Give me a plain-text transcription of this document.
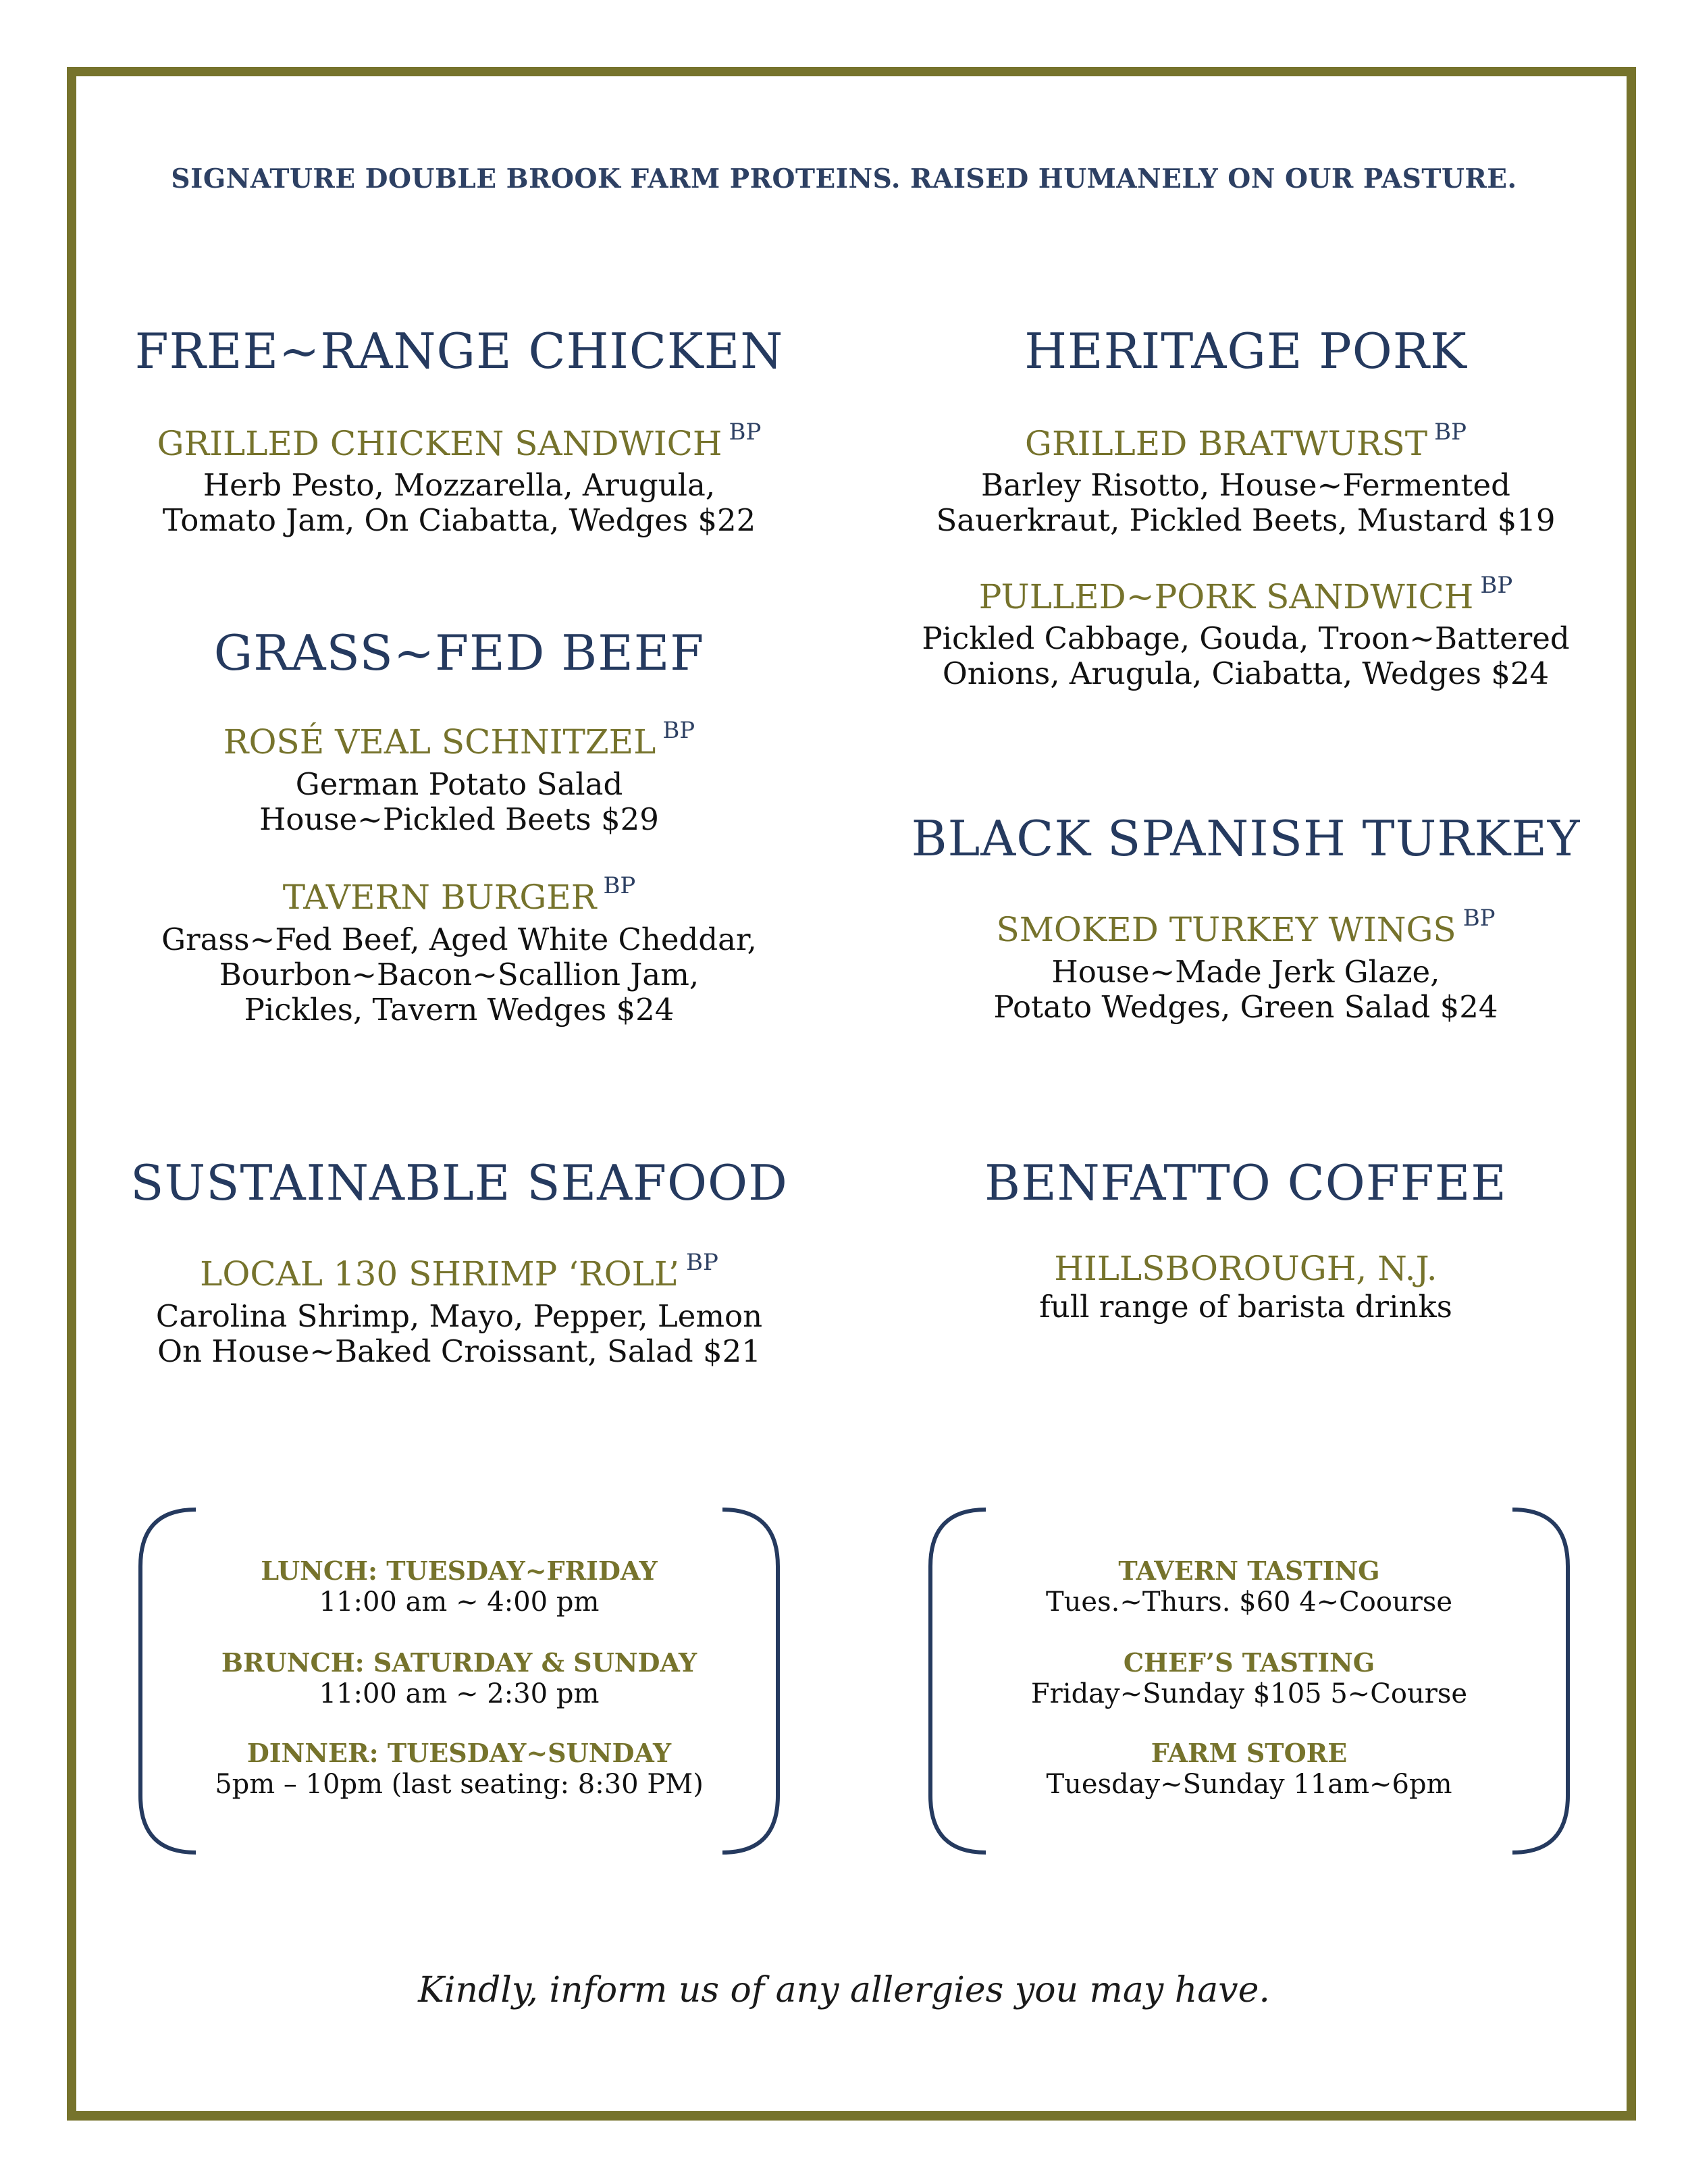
SIGNATURE DOUBLE BROOK FARM PROTEINS. RAISED HUMANELY ON OUR PASTURE.
FREE~RANGE CHICKEN
GRILLED CHICKEN SANDWICH $^{BP}$
Herb Pesto, Mozzarella, Arugula,
Tomato Jam, On Ciabatta, Wedges $22
GRASS~FED BEEF
ROSÉ VEAL SCHNITZEL $^{BP}$
German Potato Salad
House~Pickled Beets $29
TAVERN BURGER $^{BP}$
Grass~Fed Beef, Aged White Cheddar,
Bourbon~Bacon~Scallion Jam,
Pickles, Tavern Wedges $24
SUSTAINABLE SEAFOOD
LOCAL 130 SHRIMP ‘ROLL’ $^{BP}$
Carolina Shrimp, Mayo, Pepper, Lemon
On House~Baked Croissant, Salad $21
HERITAGE PORK
GRILLED BRATWURST $^{BP}$
Barley Risotto, House~Fermented
Sauerkraut, Pickled Beets, Mustard $19
PULLED~PORK SANDWICH $^{BP}$
Pickled Cabbage, Gouda, Troon~Battered
Onions, Arugula, Ciabatta, Wedges $24
BLACK SPANISH TURKEY
SMOKED TURKEY WINGS $^{BP}$
House~Made Jerk Glaze,
Potato Wedges, Green Salad $24
BENFATTO COFFEE
HILLSBOROUGH, N.J.
full range of barista drinks
LUNCH: TUESDAY~FRIDAY
11:00 am ~ 4:00 pm
BRUNCH: SATURDAY & SUNDAY
11:00 am ~ 2:30 pm
DINNER: TUESDAY~SUNDAY
5pm – 10pm (last seating: 8:30 PM)
TAVERN TASTING
Tues.~Thurs. $60 4~Coourse
CHEF’S TASTING
Friday~Sunday $105 5~Course
FARM STORE
Tuesday~Sunday 11am~6pm
Kindly, inform us of any allergies you may have.
